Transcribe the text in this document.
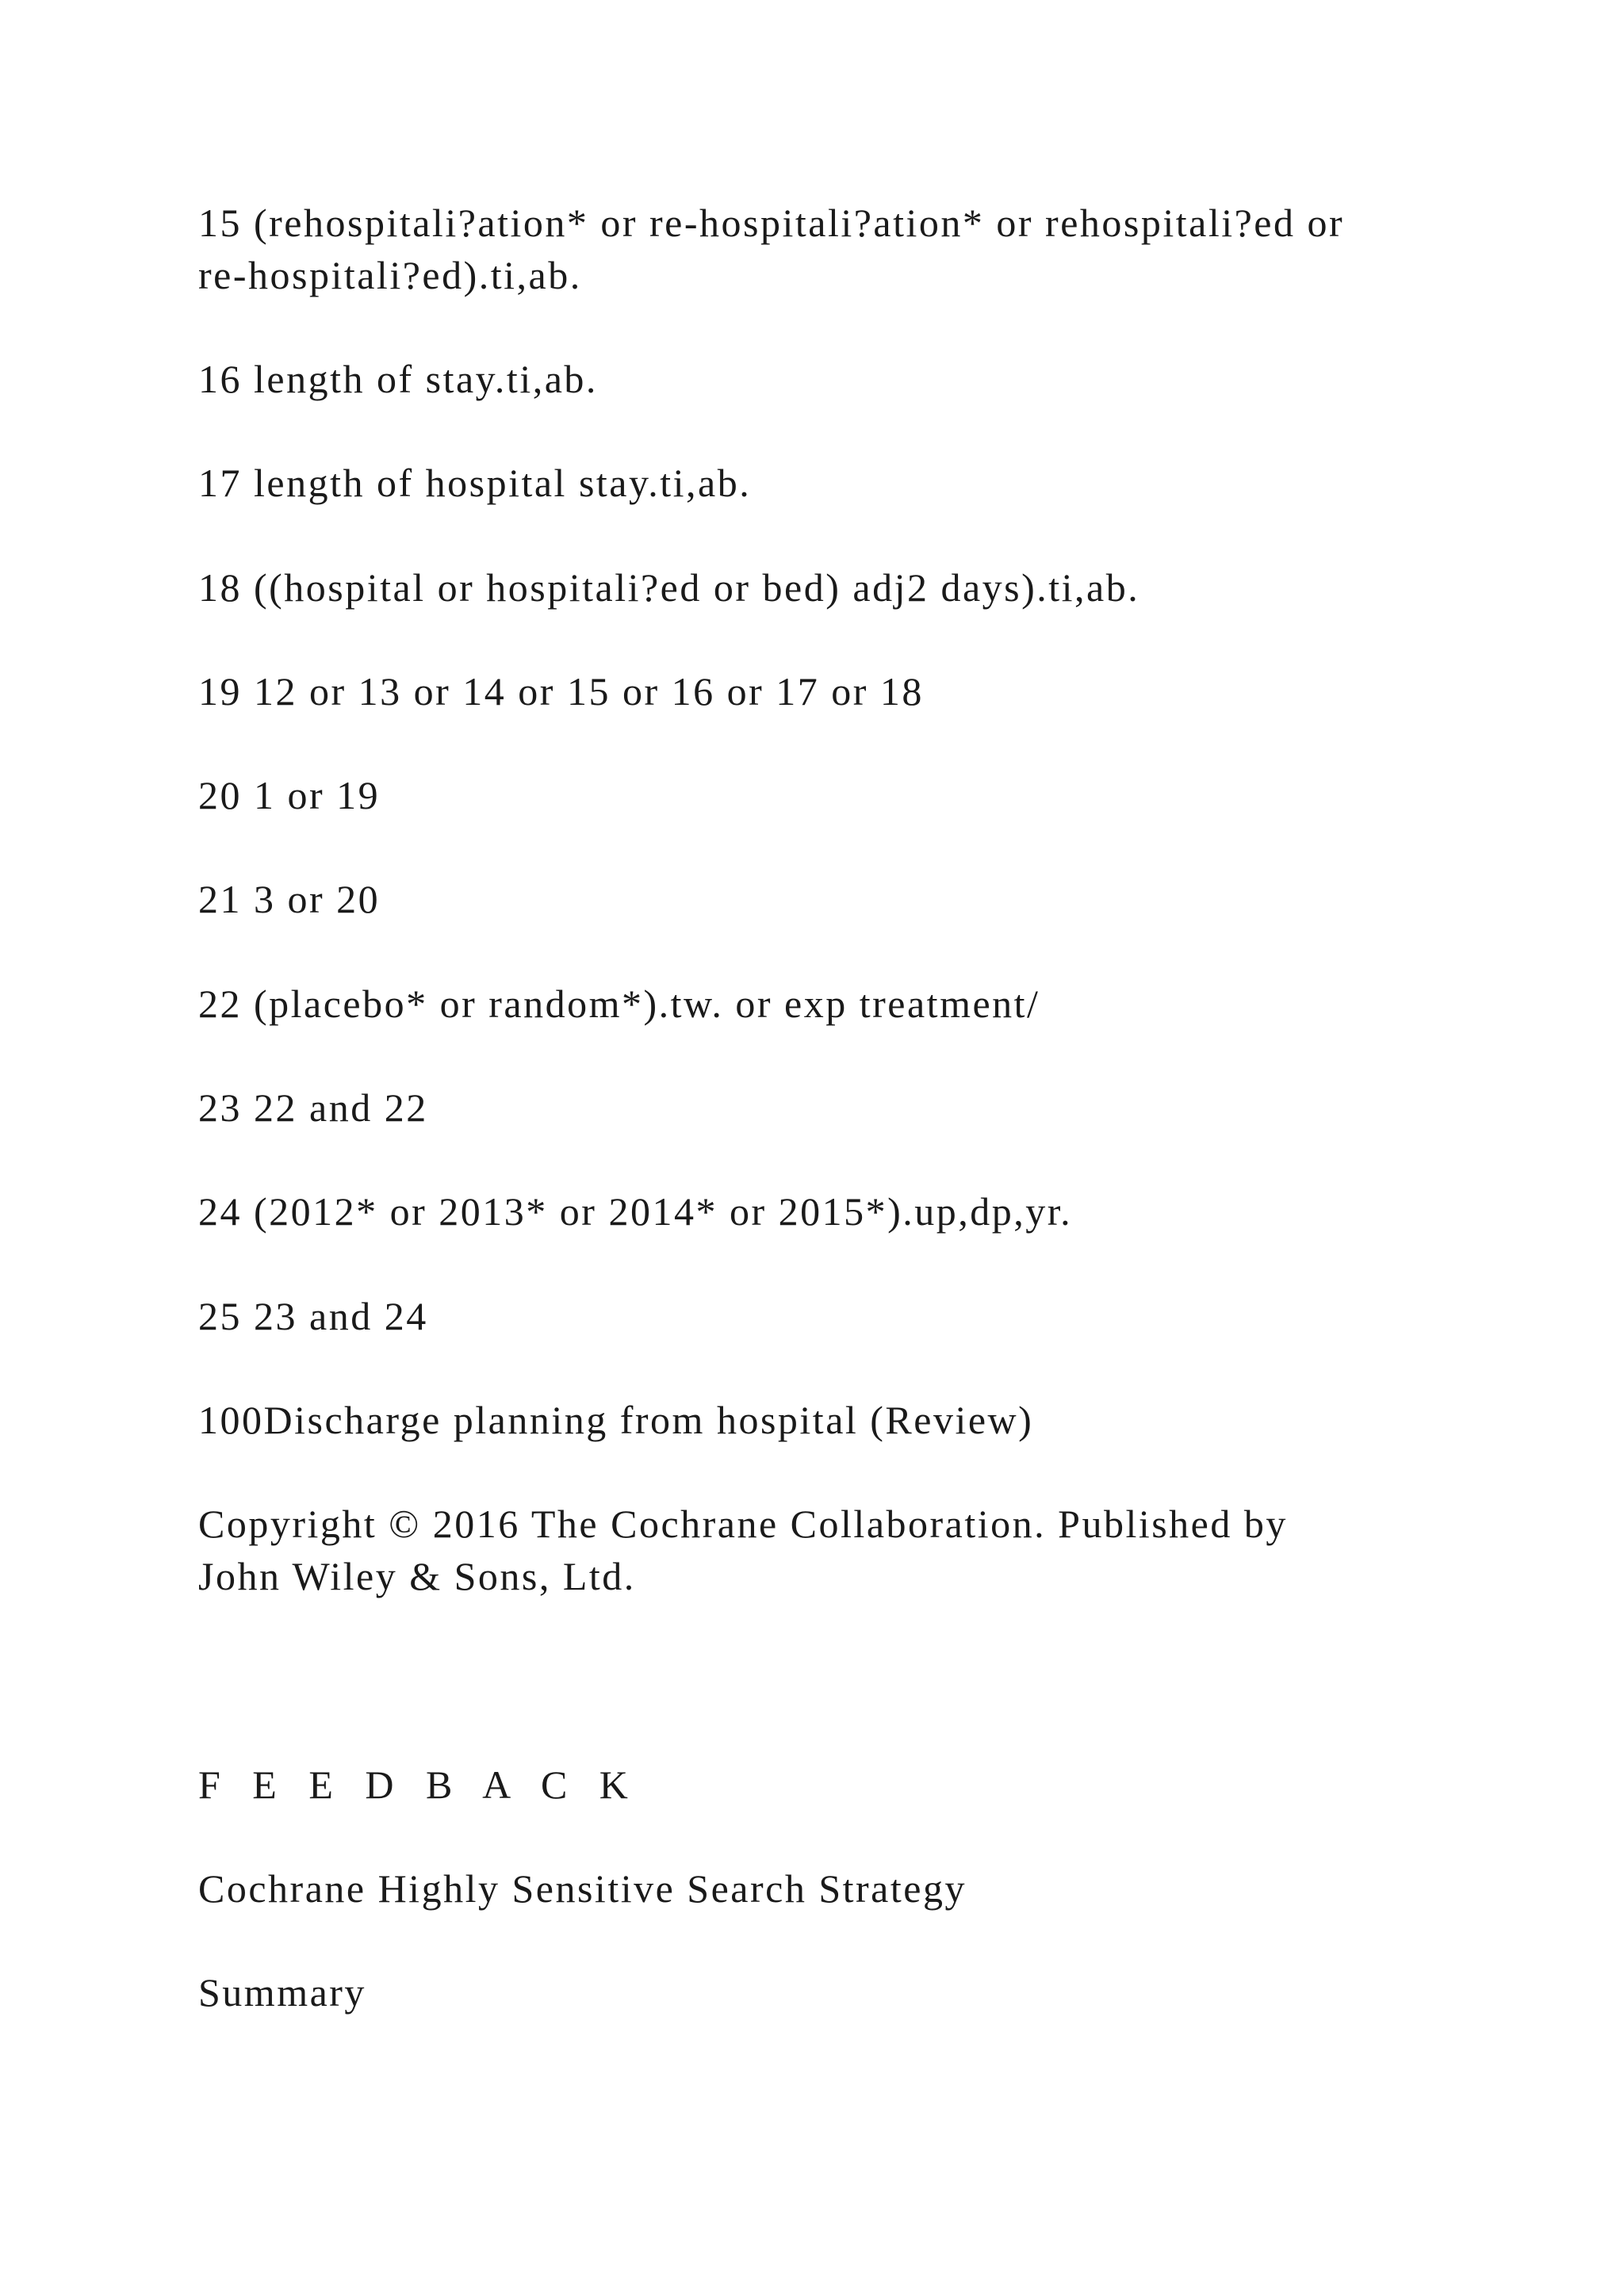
15 (rehospitali?ation* or re-hospitali?ation* or rehospitali?ed or

re-hospitali?ed).ti,ab.

16 length of stay.ti,ab.

17 length of hospital stay.ti,ab.

18 ((hospital or hospitali?ed or bed) adj2 days).ti,ab.

19 12 or 13 or 14 or 15 or 16 or 17 or 18

20 1 or 19

21 3 or 20

22 (placebo* or random*).tw. or exp treatment/

23 22 and 22

24 (2012* or 2013* or 2014* or 2015*).up,dp,yr.

25 23 and 24

100Discharge planning from hospital (Review)

Copyright © 2016 The Cochrane Collaboration. Published by

John Wiley & Sons, Ltd.

F E E D B A C K

Cochrane Highly Sensitive Search Strategy

Summary
